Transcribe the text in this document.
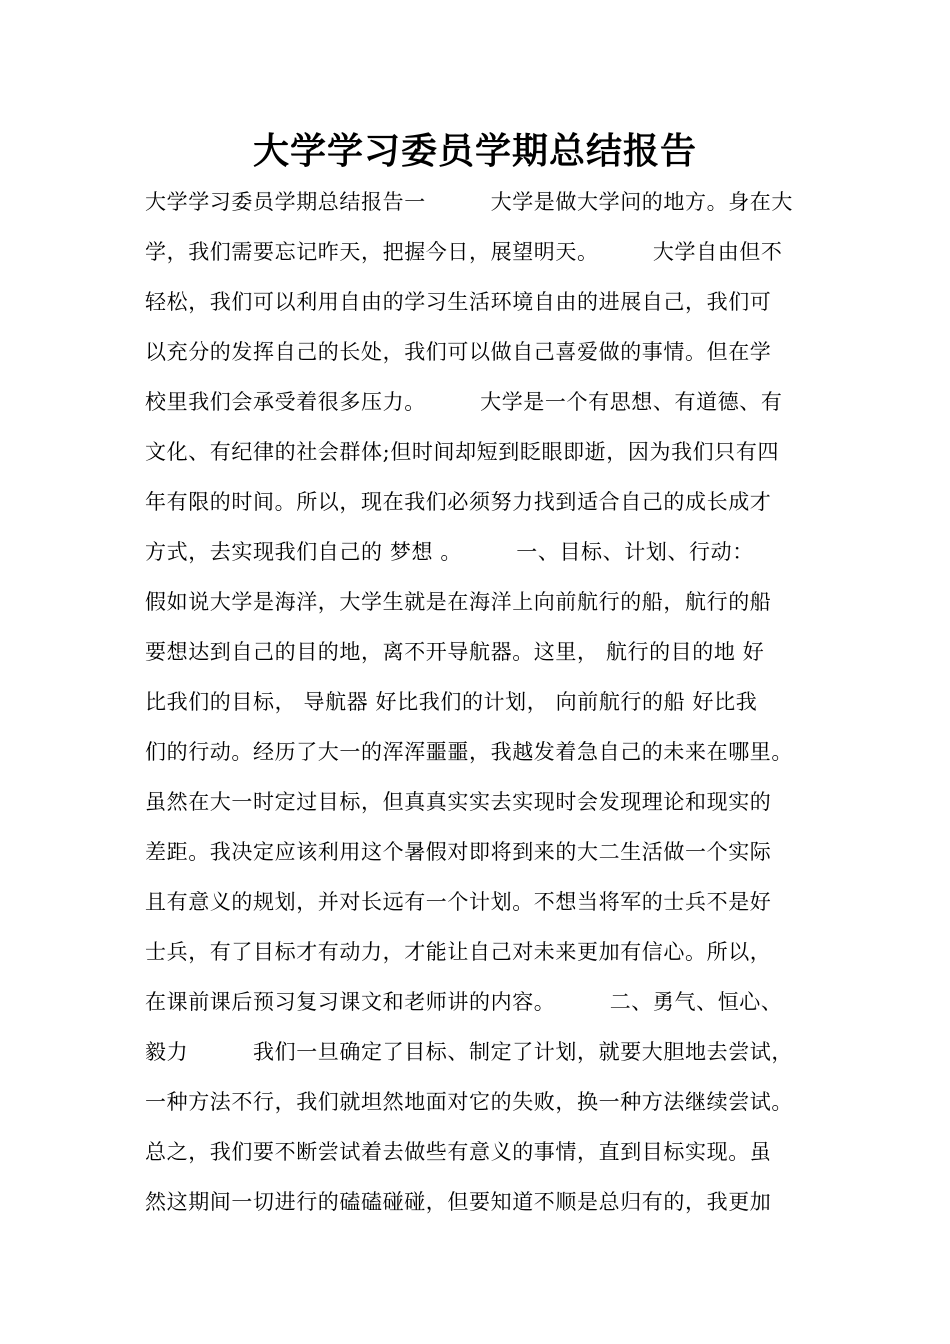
大学学习委员学期总结报告
大学学习委员学期总结报告一　　　大学是做大学问的地方。身在大
学，我们需要忘记昨天，把握今日，展望明天。　　　大学自由但不
轻松，我们可以利用自由的学习生活环境自由的进展自己，我们可
以充分的发挥自己的长处，我们可以做自己喜爱做的事情。但在学
校里我们会承受着很多压力。　　　大学是一个有思想、有道德、有
文化、有纪律的社会群体;但时间却短到眨眼即逝，因为我们只有四
年有限的时间。所以，现在我们必须努力找到适合自己的成长成才
方式，去实现我们自己的 梦想 。　　　一、目标、计划、行动：
假如说大学是海洋，大学生就是在海洋上向前航行的船，航行的船
要想达到自己的目的地，离不开导航器。这里， 航行的目的地 好
比我们的目标， 导航器 好比我们的计划， 向前航行的船 好比我
们的行动。经历了大一的浑浑噩噩，我越发着急自己的未来在哪里。
虽然在大一时定过目标，但真真实实去实现时会发现理论和现实的
差距。我决定应该利用这个暑假对即将到来的大二生活做一个实际
且有意义的规划，并对长远有一个计划。不想当将军的士兵不是好
士兵，有了目标才有动力，才能让自己对未来更加有信心。所以，
在课前课后预习复习课文和老师讲的内容。　　　二、勇气、恒心、
毅力　　　我们一旦确定了目标、制定了计划，就要大胆地去尝试，
一种方法不行，我们就坦然地面对它的失败，换一种方法继续尝试。
总之，我们要不断尝试着去做些有意义的事情，直到目标实现。虽
然这期间一切进行的磕磕碰碰，但要知道不顺是总归有的，我更加
